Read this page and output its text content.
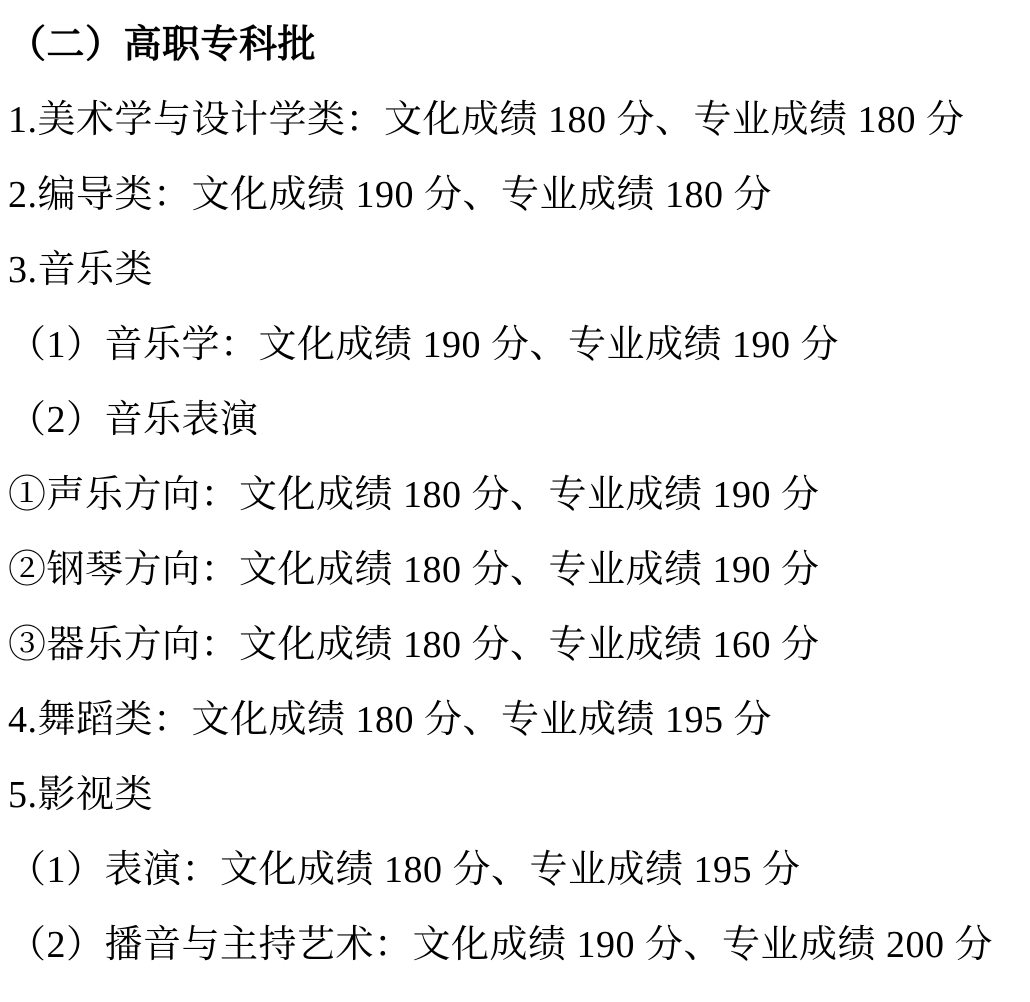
（二）高职专科批

1.美术学与设计学类：文化成绩 180 分、专业成绩 180 分

2.编导类：文化成绩 190 分、专业成绩 180 分

3.音乐类

（1）音乐学：文化成绩 190 分、专业成绩 190 分

（2）音乐表演

①声乐方向：文化成绩 180 分、专业成绩 190 分

②钢琴方向：文化成绩 180 分、专业成绩 190 分

③器乐方向：文化成绩 180 分、专业成绩 160 分

4.舞蹈类：文化成绩 180 分、专业成绩 195 分

5.影视类

（1）表演：文化成绩 180 分、专业成绩 195 分

（2）播音与主持艺术：文化成绩 190 分、专业成绩 200 分
